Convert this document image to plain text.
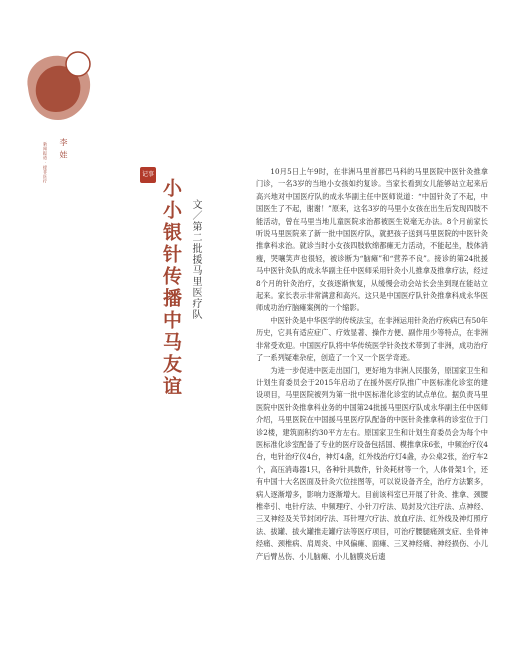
李 娃
新闻报道 · 援非医疗	记事
小小银针传播中马友谊 文／第二批援马里医疗队

10月5日上午9时，在非洲马里首都巴马科的马里医院中医针灸推拿门诊，一名3岁的当地小女孩如约复诊。当家长看到女儿能够站立起来后高兴地对中国医疗队的成永华副主任中医师说道：“中国针灸了不起，中国医生了不起，谢谢！”原来，这名3岁的马里小女孩在出生后发现四肢不能活动，曾在马里当地儿童医院求治都被医生说毫无办法。8个月前家长听说马里医院来了新一批中国医疗队，就把孩子送到马里医院的中医针灸推拿科求治。就诊当时小女孩四肢软绵都瘫无力活动，不能起坐，肢体消瘦，哭嚷笑声也很轻，被诊断为“脑瘫”和“营养不良”。接诊的第24批援马中医针灸队的成永华副主任中医师采用针灸小儿推拿及推拿疗法，经过8个月的针灸治疗，女孩逐渐恢复，从缓慢会动会站长会坐到现在能站立起来。家长表示非常满意和高兴。这只是中国医疗队针灸推拿科成永华医师成功治疗脑瘫案例的一个缩影。

中医针灸是中华医学的传统法宝，在非洲运用针灸治疗疾病已有50年历史，它具有适应症广、疗效显著、操作方便、副作用少等特点，在非洲非常受欢迎。中国医疗队将中华传统医学针灸技术带到了非洲，成功治疗了一系列疑难杂症，创造了一个又一个医学奇迹。

为进一步促进中医走出国门，更好地为非洲人民服务，原国家卫生和计划生育委员会于2015年启动了在援外医疗队推广中医标准化诊室的建设项目，马里医院被列为第一批中医标准化诊室的试点单位。据负责马里医院中医针灸推拿科业务的中国第24批援马里医疗队成永华副主任中医师介绍，马里医院在中国援马里医疗队配备的中医针灸推拿科的诊室位于门诊2楼，建筑面积约30平方左右。原国家卫生和计划生育委员会为每个中医标准化诊室配备了专业的医疗设备包括国、模推拿床6张，中频治疗仪4台，电针治疗仪4台，神灯4盏，红外线治疗灯4盏，办公桌2张，治疗车2个，高压消毒器1只，各种针具数件，针灸耗材等一个，人体骨架1个，还有中国十大名医面及针灸穴位挂图等，可以说设备齐全，治疗方法繁多，病人逐渐增多，影响力逐渐增大。目前该科室已开展了针灸、推拿、颈腰椎牵引、电针疗法、中频理疗、小针刀疗法、局封及穴注疗法、点神经、三叉神经及关节封闭疗法、耳针埋穴疗法、放血疗法、红外线及神灯照疗法、拔罐、拔火罐推走罐疗法等医疗项目，可治疗腰腿痛颈支症、坐骨神经痛、颈椎病、肩周炎、中风偏瘫、面瘫、三叉神经痛、神经损伤、小儿产后臂丛伤、小儿脑瘫、小儿脑膜炎后遗
